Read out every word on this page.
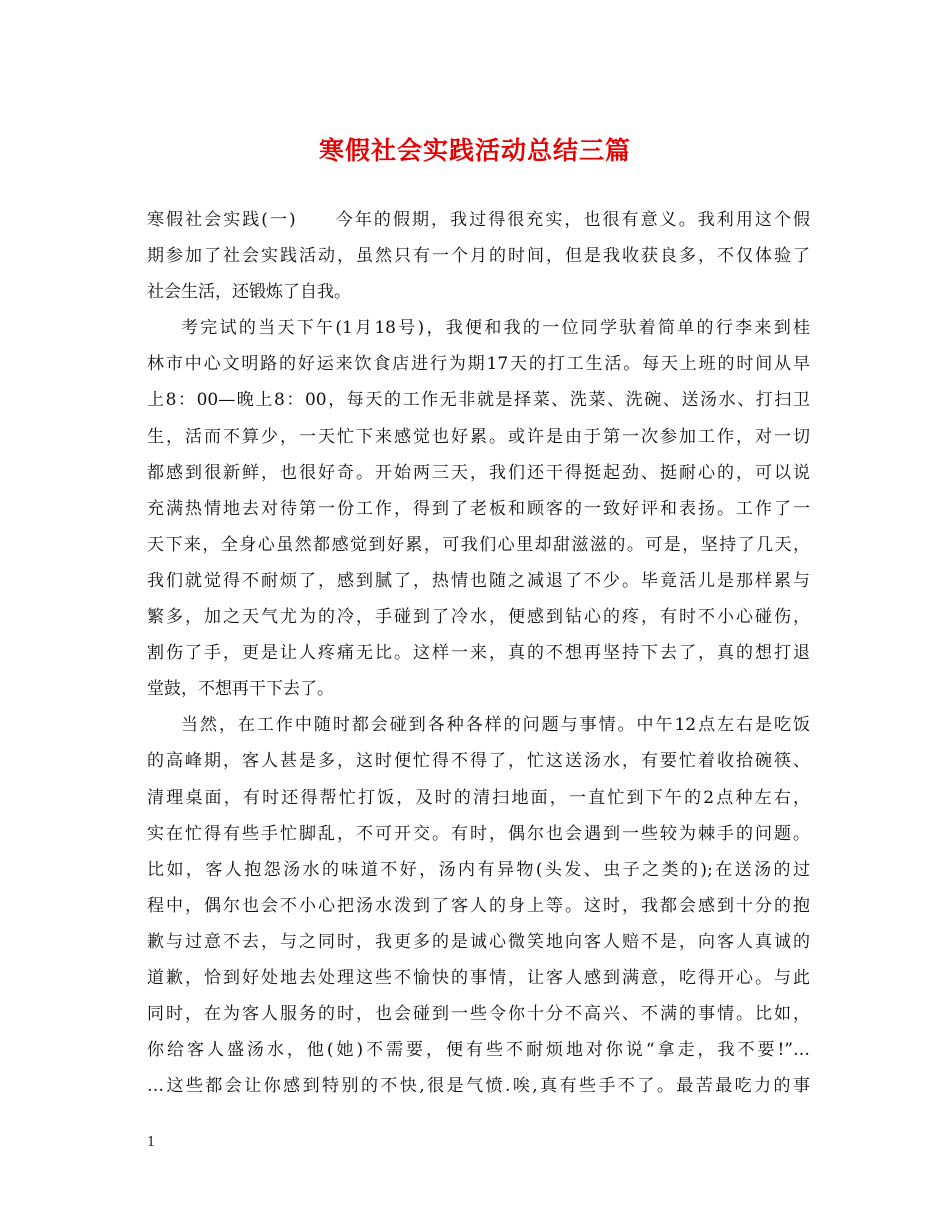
寒假社会实践活动总结三篇
寒假社会实践(一)　　今年的假期，我过得很充实，也很有意义。我利用这个假
期参加了社会实践活动，虽然只有一个月的时间，但是我收获良多，不仅体验了
社会生活，还锻炼了自我。
考完试的当天下午(1月18号)，我便和我的一位同学驮着简单的行李来到桂
林市中心文明路的好运来饮食店进行为期17天的打工生活。每天上班的时间从早
上8：00—晚上8：00，每天的工作无非就是择菜、洗菜、洗碗、送汤水、打扫卫
生，活而不算少，一天忙下来感觉也好累。或许是由于第一次参加工作，对一切
都感到很新鲜，也很好奇。开始两三天，我们还干得挺起劲、挺耐心的，可以说
充满热情地去对待第一份工作，得到了老板和顾客的一致好评和表扬。工作了一
天下来，全身心虽然都感觉到好累，可我们心里却甜滋滋的。可是，坚持了几天，
我们就觉得不耐烦了，感到腻了，热情也随之减退了不少。毕竟活儿是那样累与
繁多，加之天气尤为的冷，手碰到了冷水，便感到钻心的疼，有时不小心碰伤，
割伤了手，更是让人疼痛无比。这样一来，真的不想再坚持下去了，真的想打退
堂鼓，不想再干下去了。
当然，在工作中随时都会碰到各种各样的问题与事情。中午12点左右是吃饭
的高峰期，客人甚是多，这时便忙得不得了，忙这送汤水，有要忙着收拾碗筷、
清理桌面，有时还得帮忙打饭，及时的清扫地面，一直忙到下午的2点种左右，
实在忙得有些手忙脚乱，不可开交。有时，偶尔也会遇到一些较为棘手的问题。
比如，客人抱怨汤水的味道不好，汤内有异物(头发、虫子之类的);在送汤的过
程中，偶尔也会不小心把汤水泼到了客人的身上等。这时，我都会感到十分的抱
歉与过意不去，与之同时，我更多的是诚心微笑地向客人赔不是，向客人真诚的
道歉，恰到好处地去处理这些不愉快的事情，让客人感到满意，吃得开心。与此
同时，在为客人服务的时，也会碰到一些令你十分不高兴、不满的事情。比如，
你给客人盛汤水，他(她)不需要，便有些不耐烦地对你说“拿走，我不要!”…
…这些都会让你感到特别的不快,很是气愤.唉,真有些手不了。最苦最吃力的事
1
